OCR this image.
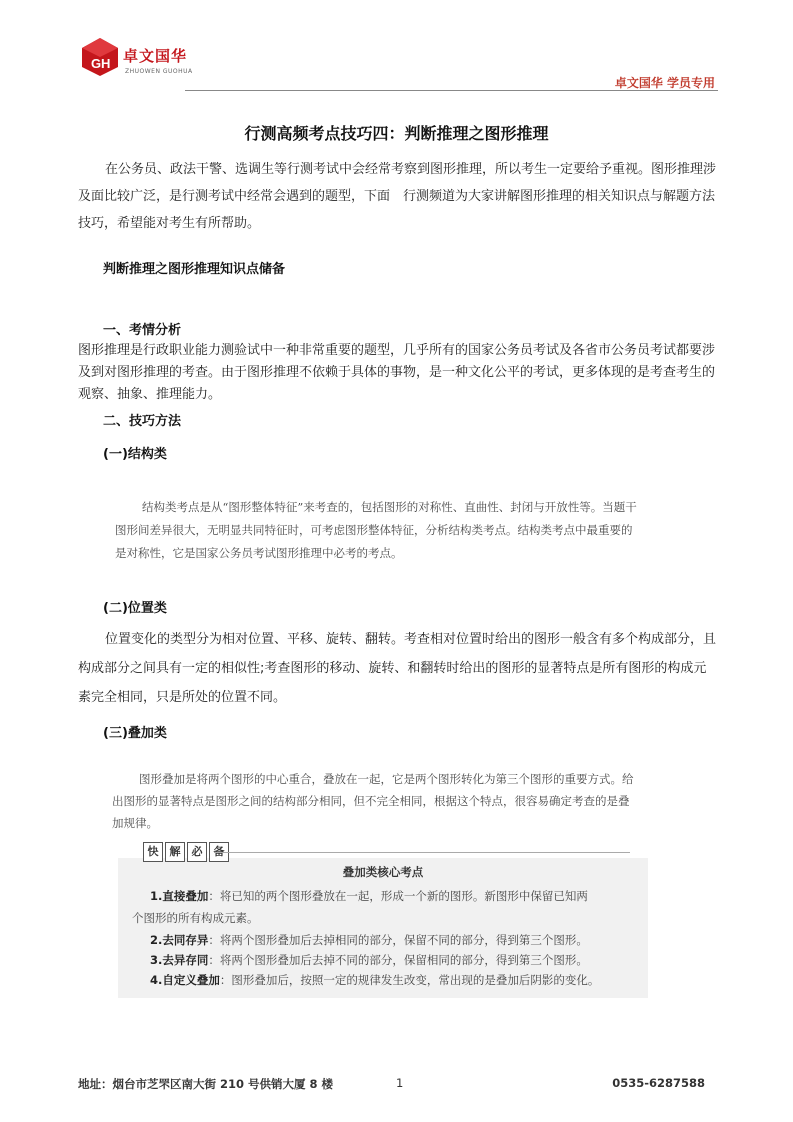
G H 卓文国华
ZHUOWEN GUOHUA
卓文国华 学员专用
行测高频考点技巧四：判断推理之图形推理
在公务员、政法干警、选调生等行测考试中会经常考察到图形推理，所以考生一定要给予重视。图形推理涉及面比较广泛，是行测考试中经常会遇到的题型，下面　行测频道为大家讲解图形推理的相关知识点与解题方法技巧，希望能对考生有所帮助。
判断推理之图形推理知识点储备
一、考情分析
图形推理是行政职业能力测验试中一种非常重要的题型，几乎所有的国家公务员考试及各省市公务员考试都要涉及到对图形推理的考查。由于图形推理不依赖于具体的事物，是一种文化公平的考试，更多体现的是考查考生的观察、抽象、推理能力。
二、技巧方法
(一)结构类
结构类考点是从“图形整体特征”来考查的，包括图形的对称性、直曲性、封闭与开放性等。当题干
图形间差异很大，无明显共同特征时，可考虑图形整体特征，分析结构类考点。结构类考点中最重要的
是对称性，它是国家公务员考试图形推理中必考的考点。
(二)位置类
位置变化的类型分为相对位置、平移、旋转、翻转。考查相对位置时给出的图形一般含有多个构成部分，且构成部分之间具有一定的相似性;考查图形的移动、旋转、和翻转时给出的图形的显著特点是所有图形的构成元素完全相同，只是所处的位置不同。
(三)叠加类
图形叠加是将两个图形的中心重合，叠放在一起，它是两个图形转化为第三个图形的重要方式。给
出图形的显著特点是图形之间的结构部分相同，但不完全相同，根据这个特点，很容易确定考查的是叠
加规律。
快	解	必	备
叠加类核心考点
1.直接叠加：将已知的两个图形叠放在一起，形成一个新的图形。新图形中保留已知两
个图形的所有构成元素。
2.去同存异：将两个图形叠加后去掉相同的部分，保留不同的部分，得到第三个图形。
3.去异存同：将两个图形叠加后去掉不同的部分，保留相同的部分，得到第三个图形。
4.自定义叠加：图形叠加后，按照一定的规律发生改变，常出现的是叠加后阴影的变化。
地址：烟台市芝罘区南大街 210 号供销大厦 8 楼	1	0535-6287588
